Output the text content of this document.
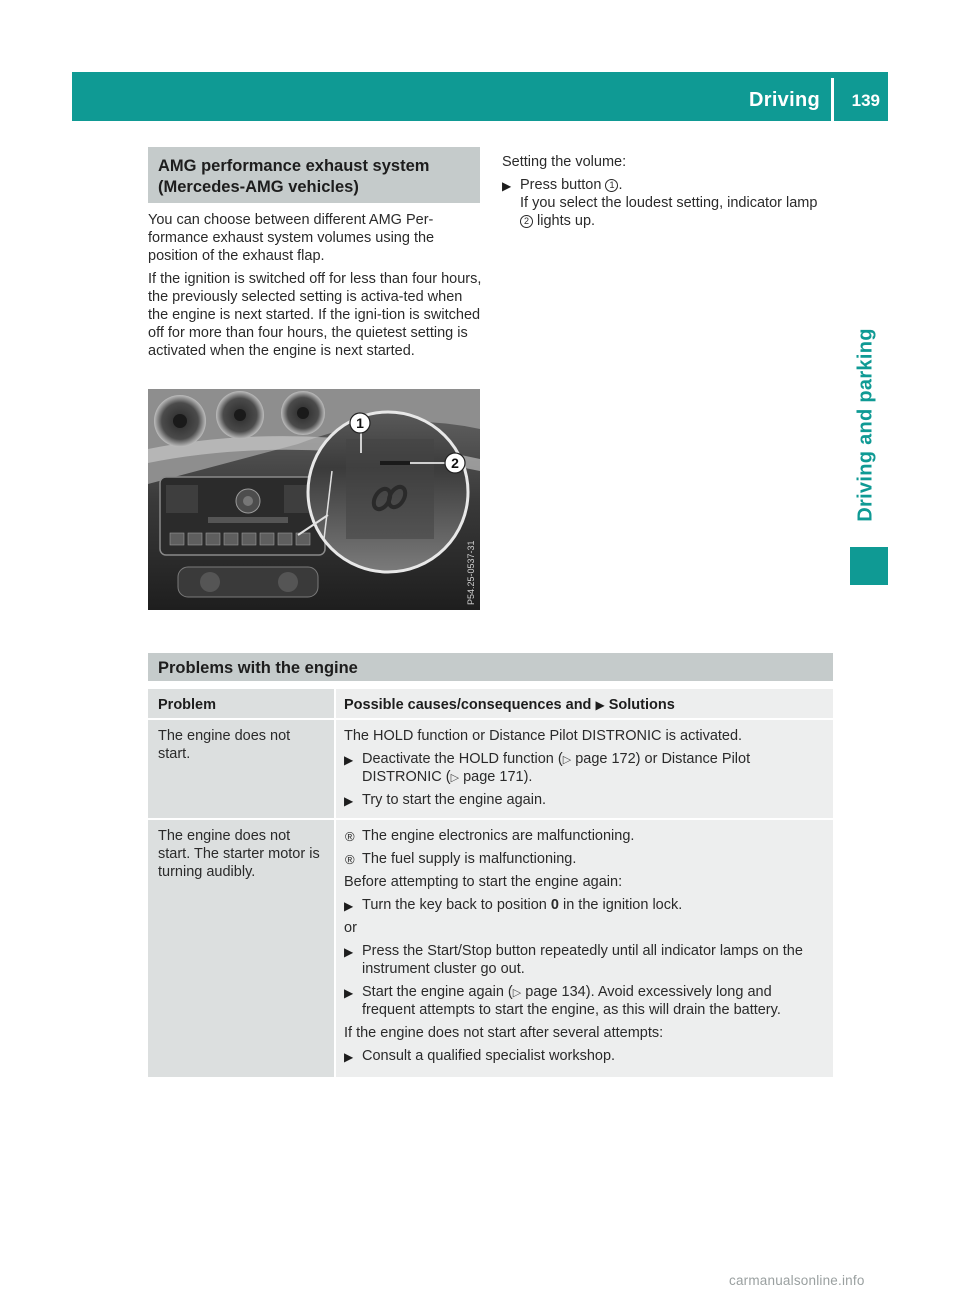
Driving 139
Driving and parking
AMG performance exhaust system
(Mercedes-AMG vehicles)

You can choose between different AMG Per-formance exhaust system volumes using the position of the exhaust flap.

If the ignition is switched off for less than four hours, the previously selected setting is activa-ted when the engine is next started. If the igni-tion is switched off for more than four hours, the quietest setting is activated when the engine is next started.

1
2
P54.25-0537-31

Setting the volume:

▶ Press button 1 .
If you select the loudest setting, indicator lamp 2 lights up.
Problems with the engine
Problem	Possible causes/consequences and ▶ Solutions
The engine does not start.

The HOLD function or Distance Pilot DISTRONIC is activated.

▶ Deactivate the HOLD function (▷ page 172) or Distance Pilot DISTRONIC (▷ page 171).
▶ Try to start the engine again.
The engine does not start. The starter motor is turning audibly.
® The engine electronics are malfunctioning.
® The fuel supply is malfunctioning.

Before attempting to start the engine again:

▶ Turn the key back to position 0 in the ignition lock.

or

▶ Press the Start/Stop button repeatedly until all indicator lamps on the instrument cluster go out.
▶ Start the engine again (▷ page 134). Avoid excessively long and frequent attempts to start the engine, as this will drain the battery.

If the engine does not start after several attempts:

▶ Consult a qualified specialist workshop.
carmanualsonline.info
